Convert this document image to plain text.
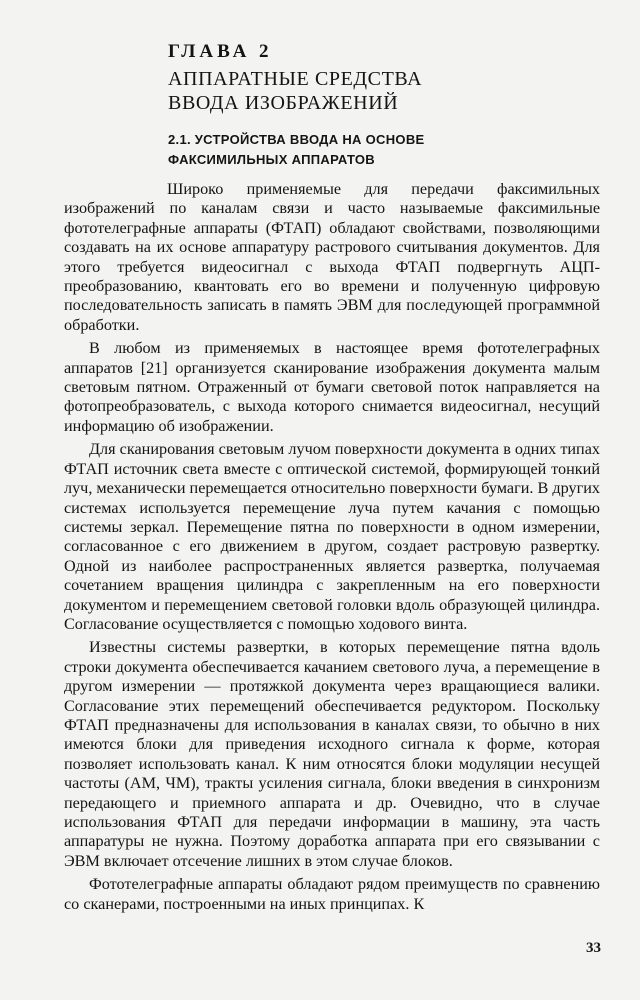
ГЛАВА 2
АППАРАТНЫЕ СРЕДСТВА
ВВОДА ИЗОБРАЖЕНИЙ
2.1. УСТРОЙСТВА ВВОДА НА ОСНОВЕ
ФАКСИМИЛЬНЫХ АППАРАТОВ

Широко применяемые для передачи факсимильных изображений по каналам связи и часто называемые факсимильные фототелеграфные аппараты (ФТАП) обладают свойствами, позволяющими создавать на их основе аппаратуру растрового считывания документов. Для этого требуется видеосигнал с выхода ФТАП подвергнуть АЦП-преобразованию, квантовать его во времени и полученную цифровую последовательность записать в память ЭВМ для последующей программной обработки.

В любом из применяемых в настоящее время фототелеграфных аппаратов [21] организуется сканирование изображения документа малым световым пятном. Отраженный от бумаги световой поток направляется на фотопреобразователь, с выхода которого снимается видеосигнал, несущий информацию об изображении.

Для сканирования световым лучом поверхности документа в одних типах ФТАП источник света вместе с оптической системой, формирующей тонкий луч, механически перемещается относительно поверхности бумаги. В других системах используется перемещение луча путем качания с помощью системы зеркал. Перемещение пятна по поверхности в одном измерении, согласованное с его движением в другом, создает растровую развертку. Одной из наиболее распространенных является развертка, получаемая сочетанием вращения цилиндра с закрепленным на его поверхности документом и перемещением световой головки вдоль образующей цилиндра. Согласование осуществляется с помощью ходового винта.

Известны системы развертки, в которых перемещение пятна вдоль строки документа обеспечивается качанием светового луча, а перемещение в другом измерении — протяжкой документа через вращающиеся валики. Согласование этих перемещений обеспечивается редуктором. Поскольку ФТАП предназначены для использования в каналах связи, то обычно в них имеются блоки для приведения исходного сигнала к форме, которая позволяет использовать канал. К ним относятся блоки модуляции несущей частоты (АМ, ЧМ), тракты усиления сигнала, блоки введения в синхронизм передающего и приемного аппарата и др. Очевидно, что в случае использования ФТАП для передачи информации в машину, эта часть аппаратуры не нужна. Поэтому доработка аппарата при его связывании с ЭВМ включает отсечение лишних в этом случае блоков.

Фототелеграфные аппараты обладают рядом преимуществ по сравнению со сканерами, построенными на иных принципах. К

33
